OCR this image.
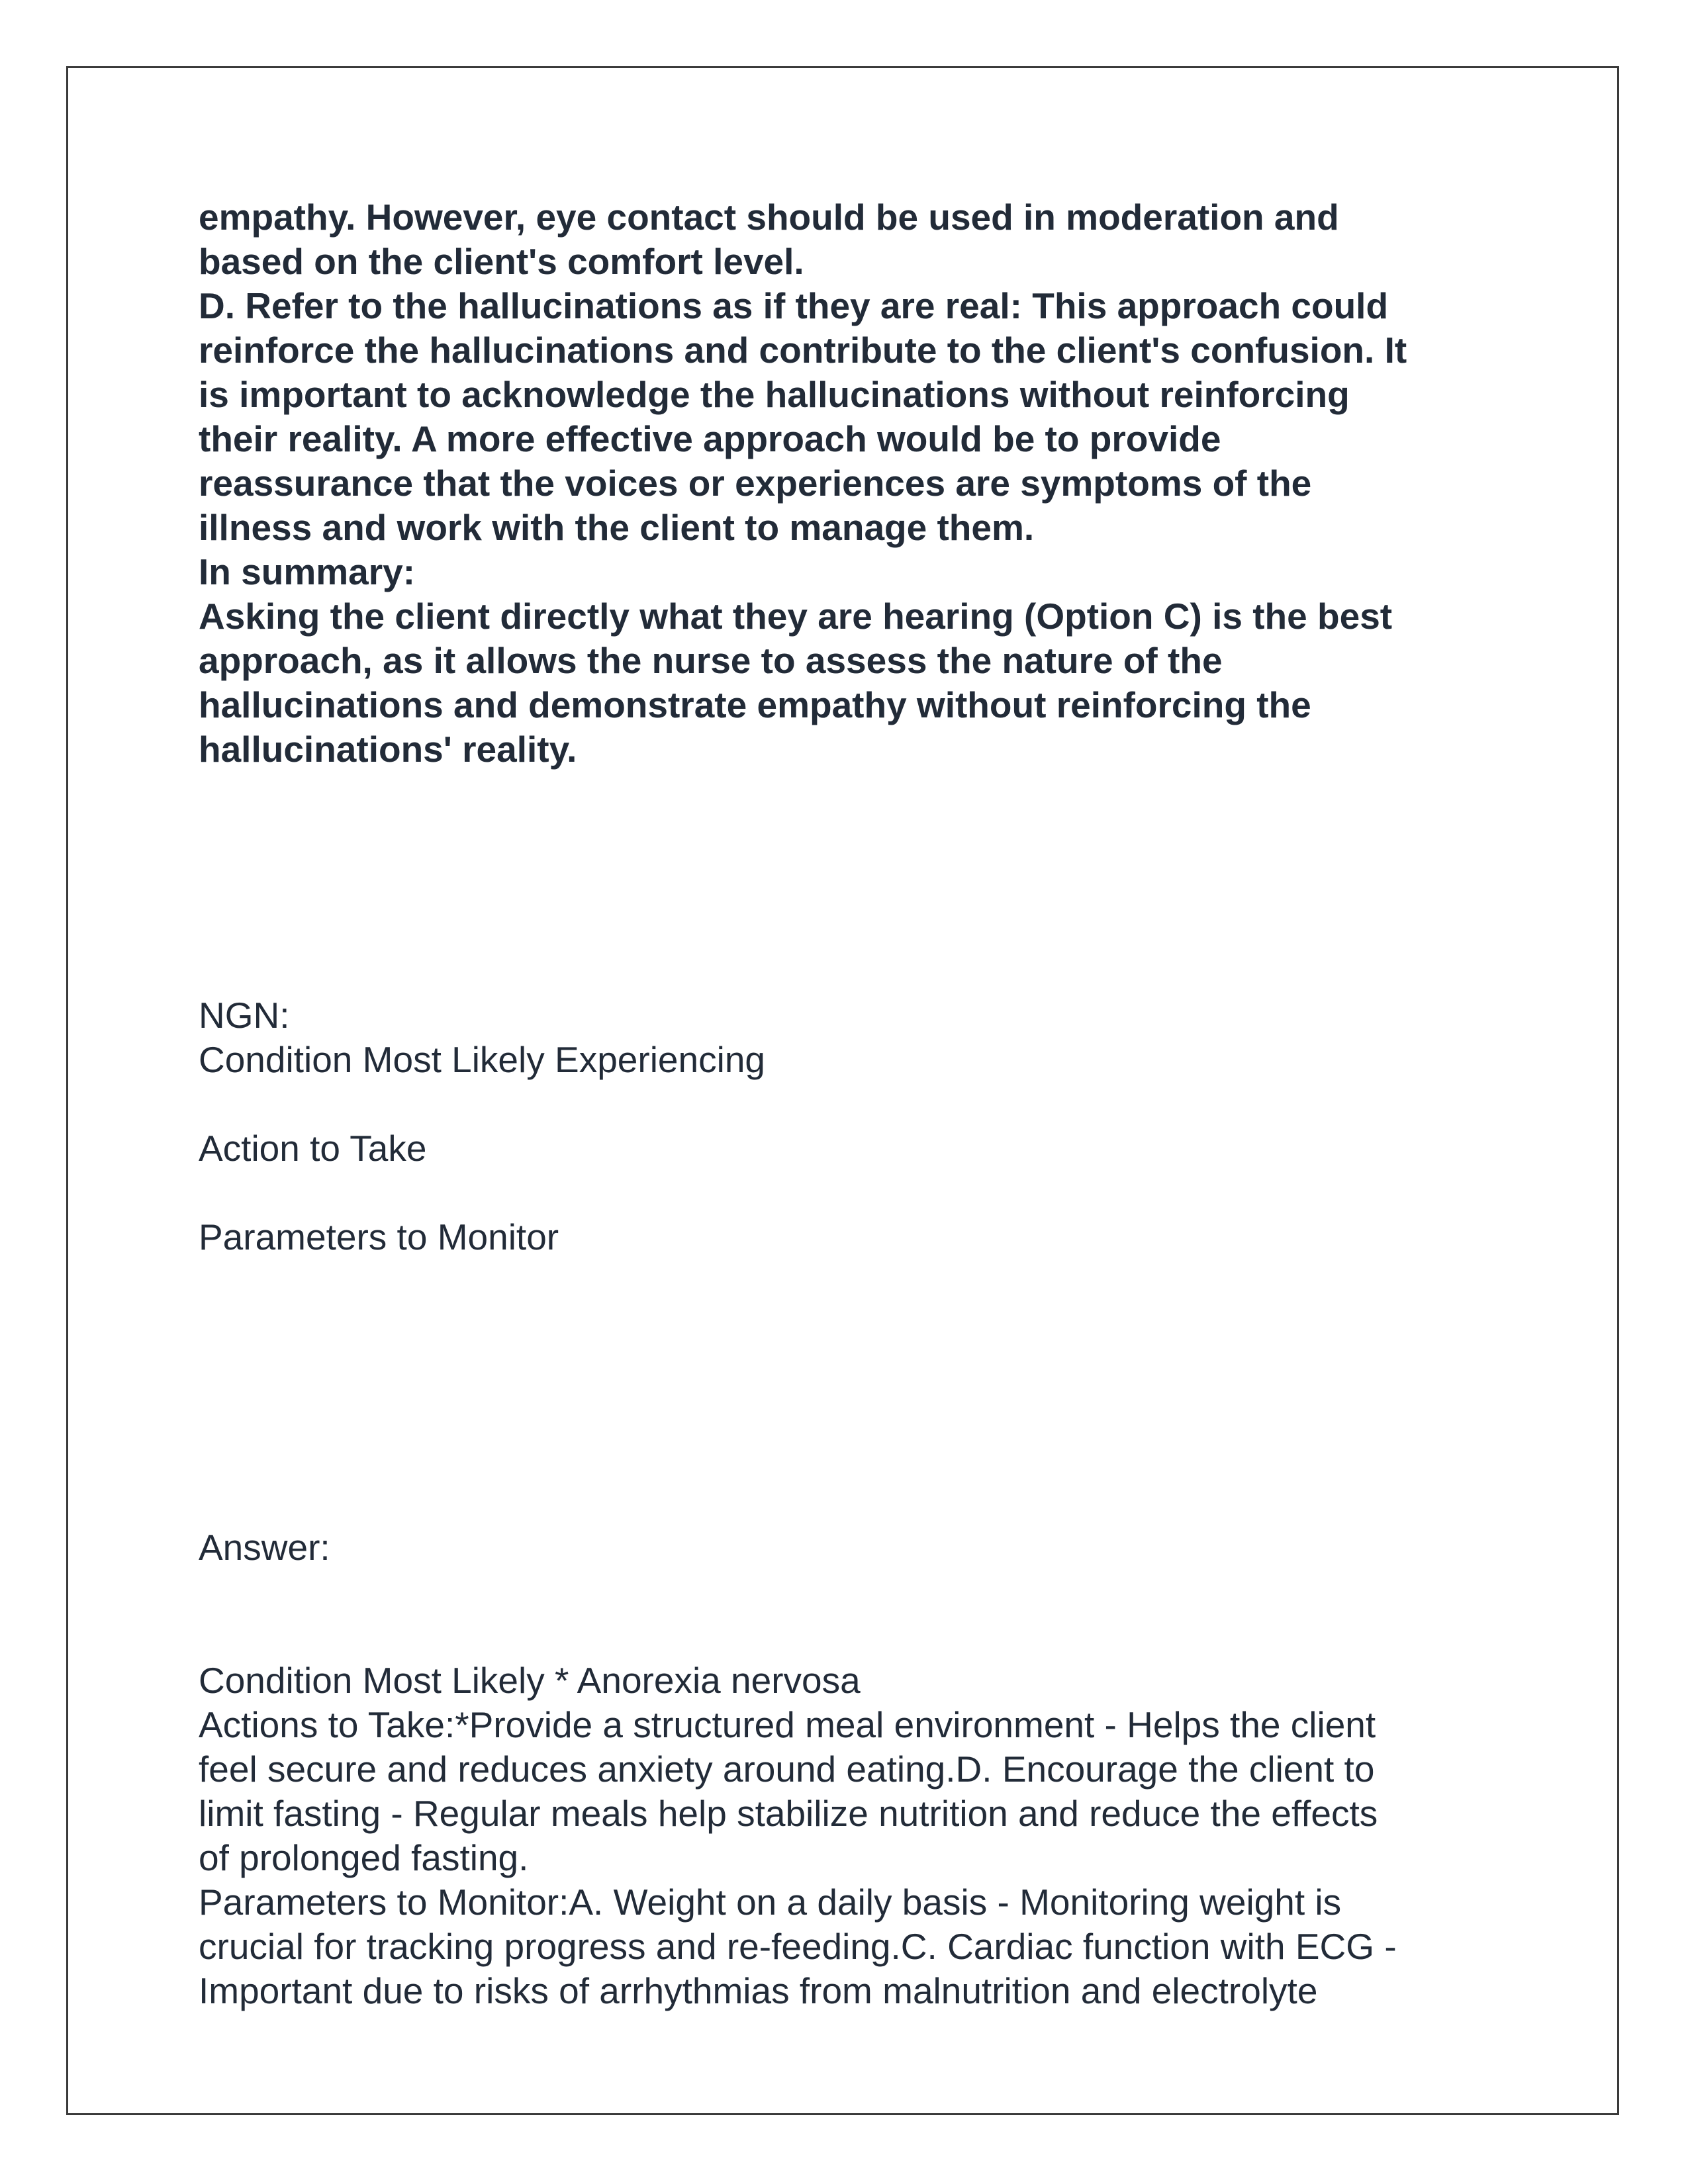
empathy. However, eye contact should be used in moderation and
based on the client's comfort level.
D. Refer to the hallucinations as if they are real: This approach could
reinforce the hallucinations and contribute to the client's confusion. It
is important to acknowledge the hallucinations without reinforcing
their reality. A more effective approach would be to provide
reassurance that the voices or experiences are symptoms of the
illness and work with the client to manage them.
In summary:
Asking the client directly what they are hearing (Option C) is the best
approach, as it allows the nurse to assess the nature of the
hallucinations and demonstrate empathy without reinforcing the
hallucinations' reality.
NGN:
Condition Most Likely Experiencing
Action to Take
Parameters to Monitor
Answer:
Condition Most Likely * Anorexia nervosa
Actions to Take:*Provide a structured meal environment - Helps the client
feel secure and reduces anxiety around eating.D. Encourage the client to
limit fasting - Regular meals help stabilize nutrition and reduce the effects
of prolonged fasting.
Parameters to Monitor:A. Weight on a daily basis - Monitoring weight is
crucial for tracking progress and re-feeding.C. Cardiac function with ECG -
Important due to risks of arrhythmias from malnutrition and electrolyte
